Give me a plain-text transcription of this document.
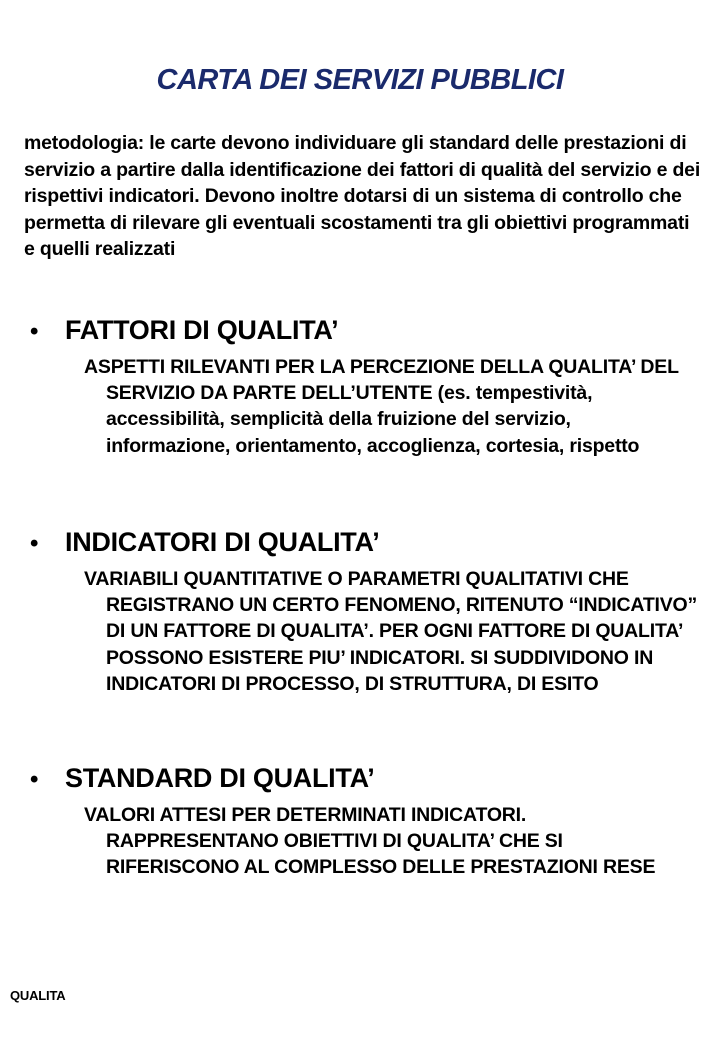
CARTA DEI SERVIZI PUBBLICI
metodologia: le carte devono individuare gli standard delle prestazioni di servizio a partire dalla identificazione dei fattori di qualità del servizio e dei rispettivi indicatori. Devono inoltre dotarsi di un sistema di controllo che permetta di rilevare gli eventuali scostamenti tra gli obiettivi programmati e quelli realizzati
• FATTORI DI QUALITA’
ASPETTI RILEVANTI PER LA PERCEZIONE DELLA QUALITA’ DEL SERVIZIO DA PARTE DELL’UTENTE (es. tempestività, accessibilità, semplicità della fruizione del servizio, informazione, orientamento, accoglienza, cortesia, rispetto
• INDICATORI DI QUALITA’
VARIABILI QUANTITATIVE O PARAMETRI QUALITATIVI CHE REGISTRANO UN CERTO FENOMENO, RITENUTO “INDICATIVO” DI UN FATTORE DI QUALITA’. PER OGNI FATTORE DI QUALITA’ POSSONO ESISTERE PIU’ INDICATORI. SI SUDDIVIDONO IN INDICATORI DI PROCESSO, DI STRUTTURA, DI ESITO
• STANDARD DI QUALITA’
VALORI ATTESI PER DETERMINATI INDICATORI. RAPPRESENTANO OBIETTIVI DI QUALITA’ CHE SI RIFERISCONO AL COMPLESSO DELLE PRESTAZIONI RESE
QUALITA
